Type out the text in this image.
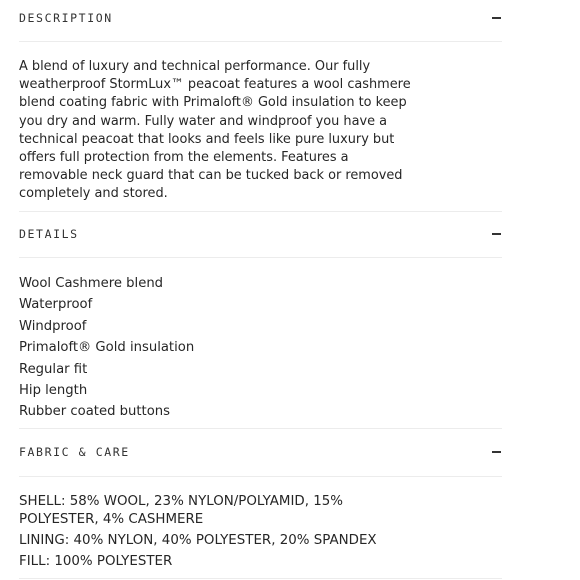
DESCRIPTION

A blend of luxury and technical performance. Our fully weatherproof StormLux™ peacoat features a wool cashmere blend coating fabric with Primaloft® Gold insulation to keep you dry and warm. Fully water and windproof you have a technical peacoat that looks and feels like pure luxury but offers full protection from the elements. Features a removable neck guard that can be tucked back or removed completely and stored.

DETAILS
Wool Cashmere blend
Waterproof
Windproof
Primaloft® Gold insulation
Regular fit
Hip length
Rubber coated buttons
FABRIC & CARE
SHELL: 58% WOOL, 23% NYLON/POLYAMID, 15% POLYESTER, 4% CASHMERE
LINING: 40% NYLON, 40% POLYESTER, 20% SPANDEX
FILL: 100% POLYESTER
